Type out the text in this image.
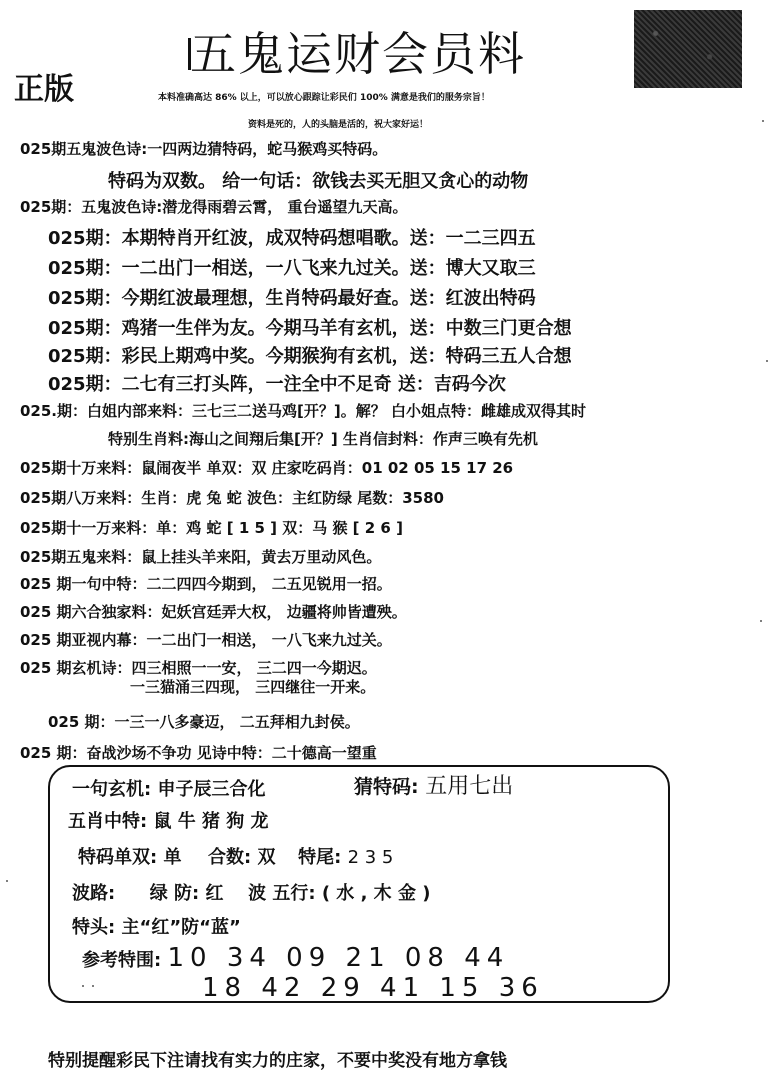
五鬼运财会员料
正版	本料准确高达 86% 以上，可以放心跟踪让彩民们 100% 满意是我们的服务宗旨！
资料是死的，人的头脑是活的，祝大家好运！
025期五鬼波色诗:一四两边猜特码，蛇马猴鸡买特码。
特码为双数。 给一句话：欲钱去买无胆又贪心的动物
025期：五鬼波色诗:潜龙得雨碧云霄， 重台遥望九天高。
025期：本期特肖开红波，成双特码想唱歌。送：一二三四五
025期：一二出门一相送，一八飞来九过关。送：博大又取三
025期：今期红波最理想，生肖特码最好查。送：红波出特码
025期：鸡猪一生伴为友。今期马羊有玄机，送：中数三门更合想
025期：彩民上期鸡中奖。今期猴狗有玄机，送：特码三五人合想
025期：二七有三打头阵，一注全中不足奇 送：吉码今次
025.期：白姐内部来料：三七三二送马鸡[开？]。解？ 白小姐点特：雌雄成双得其时
特别生肖料:海山之间翔后集[开？] 生肖信封料：作声三唤有先机
025期十万来料：鼠闹夜半 单双：双 庄家吃码肖：01 02 05 15 17 26
025期八万来料：生肖：虎 兔 蛇 波色：主红防绿 尾数：3580
025期十一万来料：单：鸡 蛇 [ 1 5 ] 双：马 猴 [ 2 6 ]
025期五鬼来料：鼠上挂头羊来阳，黄去万里动风色。
025 期一句中特：二二四四今期到， 二五见锐用一招。
025 期六合独家料：妃妖宫廷弄大权， 边疆将帅皆遭殃。
025 期亚视内幕：一二出门一相送， 一八飞来九过关。
025 期玄机诗：四三相照一一安， 三二四一今期迟。
一三猫涌三四现， 三四继往一开来。
025 期：一三一八多豪迈， 二五拜相九封侯。
025 期：奋战沙场不争功 见诗中特：二十德高一望重
一句玄机: 申子辰三合化	猜特码: 五用七出
五肖中特: 鼠 牛 猪 狗 龙
特码单双: 单 合数: 双 特尾: 2 3 5
波路: 绿 防: 红 波 五行: ( 水 , 木 金 )
特头: 主“红”防“蓝”
参考特围: 10 34 09 21 08 44
18 42 29 41 15 36
特别提醒彩民下注请找有实力的庄家，不要中奖没有地方拿钱
